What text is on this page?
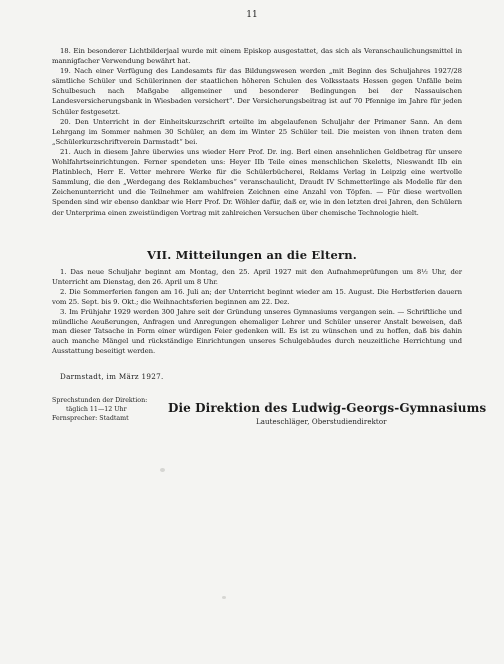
11

18. Ein besonderer Lichtbilderjaal wurde mit einem Episkop ausgestattet, das sich als Veranschaulichungsmittel in mannigfacher Verwendung bewährt hat.

19. Nach einer Verfügung des Landesamts für das Bildungswesen werden „mit Beginn des Schuljahres 1927/28 sämtliche Schüler und Schülerinnen der staatlichen höheren Schulen des Volksstaats Hessen gegen Unfälle beim Schulbesuch nach Maßgabe allgemeiner und besonderer Bedingungen bei der Nassauischen Landesversicherungsbank in Wiesbaden versichert“. Der Versicherungsbeitrag ist auf 70 Pfennige im Jahre für jeden Schüler festgesetzt.

20. Den Unterricht in der Einheitskurzschrift erteilte im abgelaufenen Schuljahr der Primaner Sann. An dem Lehrgang im Sommer nahmen 30 Schüler, an dem im Winter 25 Schüler teil. Die meisten von ihnen traten dem „Schülerkurzschriftverein Darmstadt“ bei.

21. Auch in diesem Jahre überwies uns wieder Herr Prof. Dr. ing. Berl einen ansehnlichen Geldbetrag für unsere Wohlfahrtseinrichtungen. Ferner spendeten uns: Heyer IIb Teile eines menschlichen Skeletts, Nieswandt IIb ein Platinblech, Herr E. Vetter mehrere Werke für die Schülerbücherei, Reklams Verlag in Leipzig eine wertvolle Sammlung, die den „Werdegang des Reklambuches“ veranschaulicht, Draudt IV Schmetterlinge als Modelle für den Zeichenunterricht und die Teilnehmer am wahlfreien Zeichnen eine Anzahl von Töpfen. — Für diese wertvollen Spenden sind wir ebenso dankbar wie Herr Prof. Dr. Wöhler dafür, daß er, wie in den letzten drei Jahren, den Schülern der Unterprima einen zweistündigen Vortrag mit zahlreichen Versuchen über chemische Technologie hielt.

VII. Mitteilungen an die Eltern.

1. Das neue Schuljahr beginnt am Montag, den 25. April 1927 mit den Aufnahmeprüfungen um 8½ Uhr, der Unterricht am Dienstag, den 26. April um 8 Uhr.

2. Die Sommerferien fangen am 16. Juli an; der Unterricht beginnt wieder am 15. August. Die Herbstferien dauern vom 25. Sept. bis 9. Okt.; die Weihnachtsferien beginnen am 22. Dez.

3. Im Frühjahr 1929 werden 300 Jahre seit der Gründung unseres Gymnasiums vergangen sein. — Schriftliche und mündliche Aeußerungen, Anfragen und Anregungen ehemaliger Lehrer und Schüler unserer Anstalt beweisen, daß man dieser Tatsache in Form einer würdigen Feier gedenken will. Es ist zu wünschen und zu hoffen, daß bis dahin auch manche Mängel und rückständige Einrichtungen unseres Schulgebäudes durch neuzeitliche Herrichtung und Ausstattung beseitigt werden.

Darmstadt, im März 1927.
Sprechstunden der Direktion:
täglich 11—12 Uhr
Fernsprecher: Stadtamt
Die Direktion des Ludwig-Georgs-Gymnasiums
Lauteschläger, Oberstudiendirektor
